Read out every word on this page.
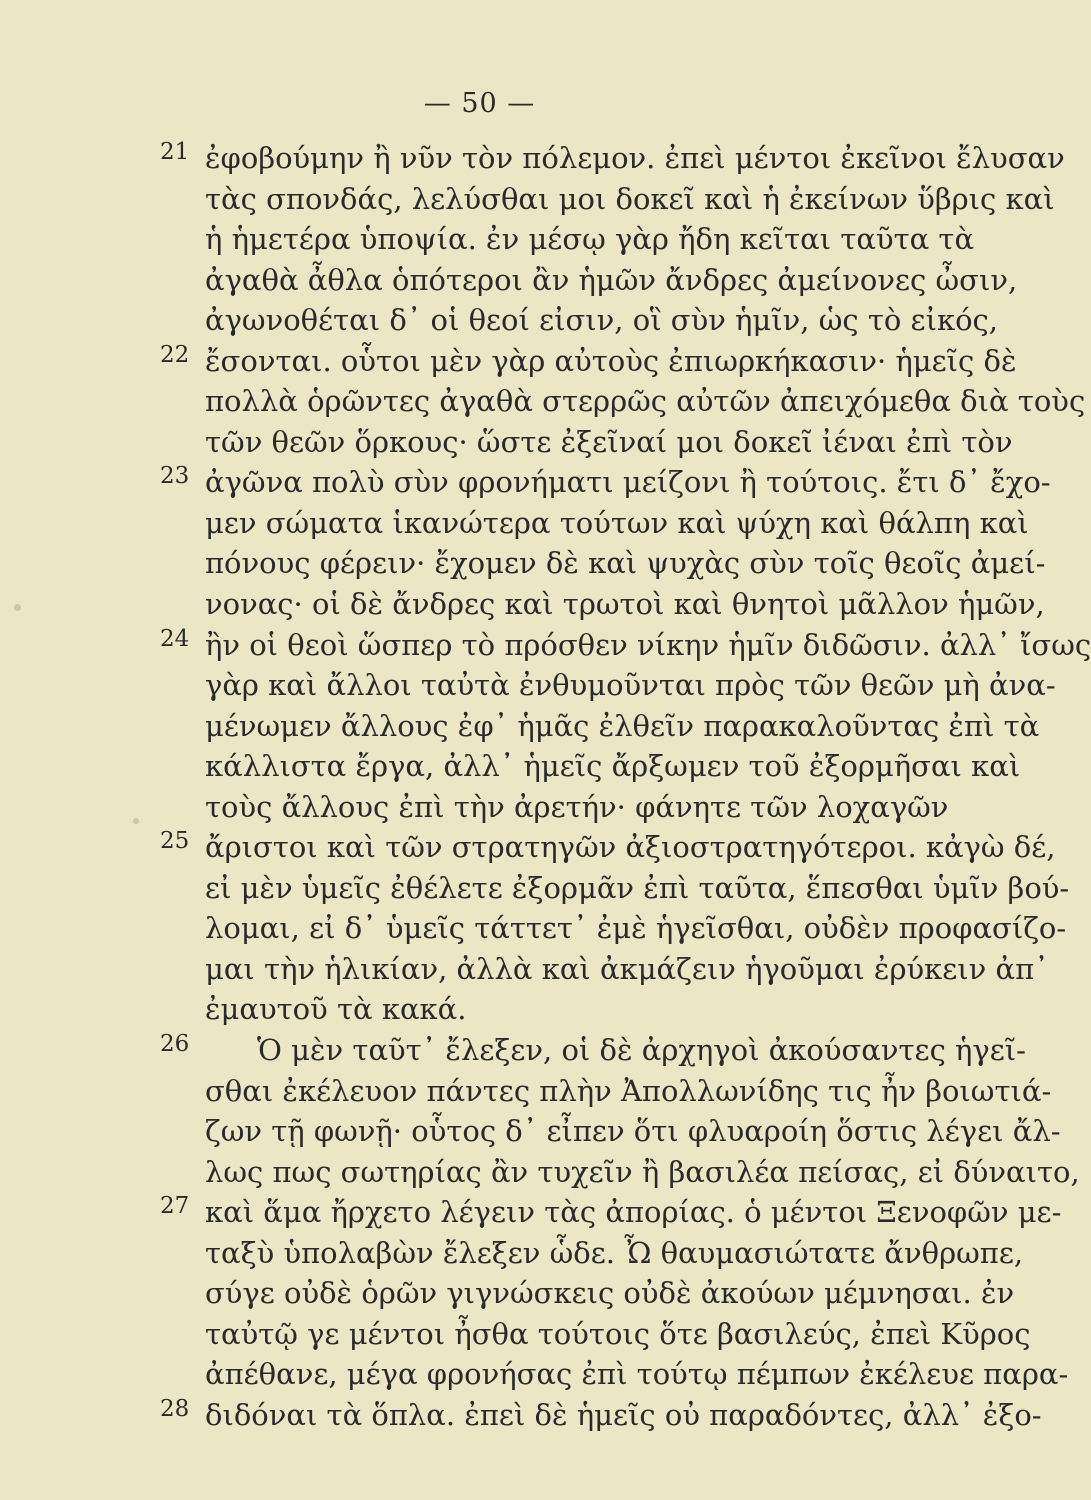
— 50 —
21 ἐφοβούμην ἢ νῦν τὸν πόλεμον. ἐπεὶ μέντοι ἐκεῖνοι ἔλυσαν
τὰς σπονδάς, λελύσθαι μοι δοκεῖ καὶ ἡ ἐκείνων ὕβρις καὶ
ἡ ἡμετέρα ὑποψία. ἐν μέσῳ γὰρ ἤδη κεῖται ταῦτα τὰ
ἀγαθὰ ἆθλα ὁπότεροι ἂν ἡμῶν ἄνδρες ἀμείνονες ὦσιν,
ἀγωνοθέται δ᾽ οἱ θεοί εἰσιν, οἳ σὺν ἡμῖν, ὡς τὸ εἰκός,
22 ἔσονται. οὗτοι μὲν γὰρ αὐτοὺς ἐπιωρκήκασιν· ἡμεῖς δὲ
πολλὰ ὁρῶντες ἀγαθὰ στερρῶς αὐτῶν ἀπειχόμεθα διὰ τοὺς
τῶν θεῶν ὅρκους· ὥστε ἐξεῖναί μοι δοκεῖ ἰέναι ἐπὶ τὸν
23 ἀγῶνα πολὺ σὺν φρονήματι μείζονι ἢ τούτοις. ἔτι δ᾽ ἔχο-
μεν σώματα ἱκανώτερα τούτων καὶ ψύχη καὶ θάλπη καὶ
πόνους φέρειν· ἔχομεν δὲ καὶ ψυχὰς σὺν τοῖς θεοῖς ἀμεί-
νονας· οἱ δὲ ἄνδρες καὶ τρωτοὶ καὶ θνητοὶ μᾶλλον ἡμῶν,
24 ἢν οἱ θεοὶ ὥσπερ τὸ πρόσθεν νίκην ἡμῖν διδῶσιν. ἀλλ᾽ ἴσως
γὰρ καὶ ἄλλοι ταὐτὰ ἐνθυμοῦνται πρὸς τῶν θεῶν μὴ ἀνα-
μένωμεν ἄλλους ἐφ᾽ ἡμᾶς ἐλθεῖν παρακαλοῦντας ἐπὶ τὰ
κάλλιστα ἔργα, ἀλλ᾽ ἡμεῖς ἄρξωμεν τοῦ ἐξορμῆσαι καὶ
τοὺς ἄλλους ἐπὶ τὴν ἀρετήν· φάνητε τῶν λοχαγῶν
25 ἄριστοι καὶ τῶν στρατηγῶν ἀξιοστρατηγότεροι. κἀγὼ δέ,
εἰ μὲν ὑμεῖς ἐθέλετε ἐξορμᾶν ἐπὶ ταῦτα, ἕπεσθαι ὑμῖν βού-
λομαι, εἰ δ᾽ ὑμεῖς τάττετ᾽ ἐμὲ ἡγεῖσθαι, οὐδὲν προφασίζο-
μαι τὴν ἡλικίαν, ἀλλὰ καὶ ἀκμάζειν ἡγοῦμαι ἐρύκειν ἀπ᾽
ἐμαυτοῦ τὰ κακά.
26 Ὁ μὲν ταῦτ᾽ ἔλεξεν, οἱ δὲ ἀρχηγοὶ ἀκούσαντες ἡγεῖ-
σθαι ἐκέλευον πάντες πλὴν Ἀπολλωνίδης τις ἦν βοιωτιά-
ζων τῇ φωνῇ· οὗτος δ᾽ εἶπεν ὅτι φλυαροίη ὅστις λέγει ἄλ-
λως πως σωτηρίας ἂν τυχεῖν ἢ βασιλέα πείσας, εἰ δύναιτο,
27 καὶ ἅμα ἤρχετο λέγειν τὰς ἀπορίας. ὁ μέντοι Ξενοφῶν με-
ταξὺ ὑπολαβὼν ἔλεξεν ὧδε. Ὦ θαυμασιώτατε ἄνθρωπε,
σύγε οὐδὲ ὁρῶν γιγνώσκεις οὐδὲ ἀκούων μέμνησαι. ἐν
ταὐτῷ γε μέντοι ἦσθα τούτοις ὅτε βασιλεύς, ἐπεὶ Κῦρος
ἀπέθανε, μέγα φρονήσας ἐπὶ τούτῳ πέμπων ἐκέλευε παρα-
28 διδόναι τὰ ὅπλα. ἐπεὶ δὲ ἡμεῖς οὐ παραδόντες, ἀλλ᾽ ἐξο-
